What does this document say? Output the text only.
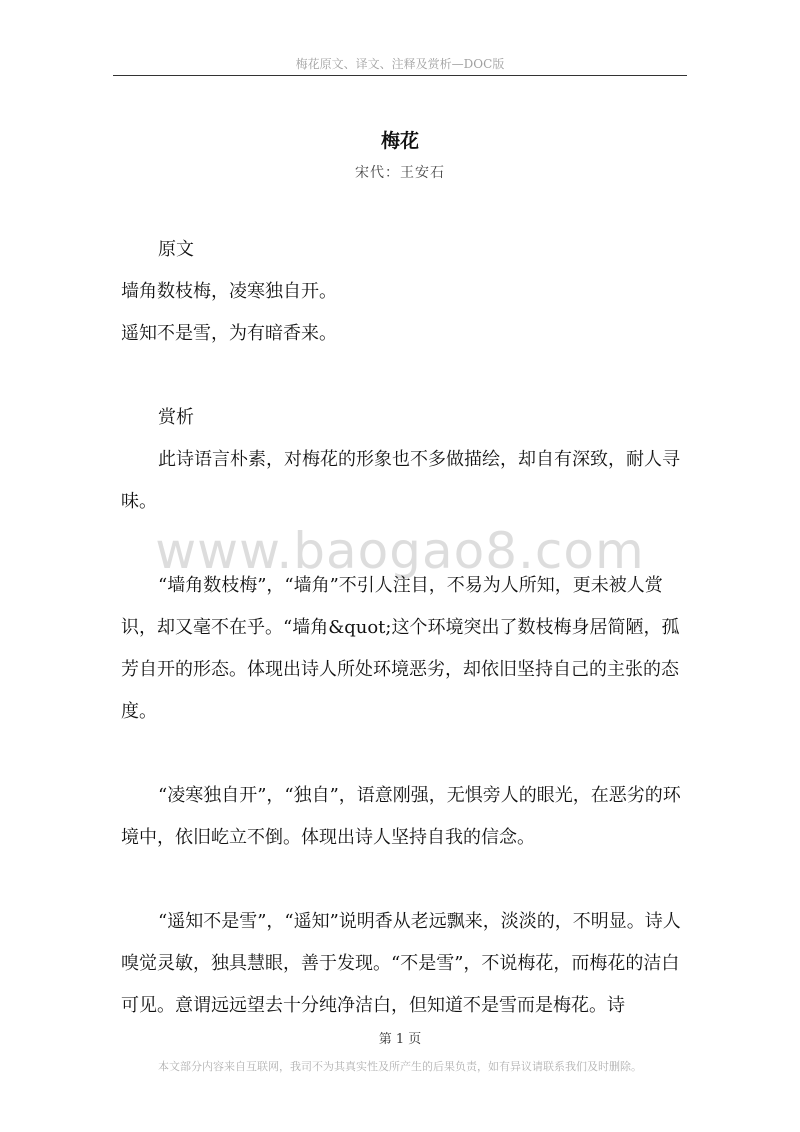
梅花原文、译文、注释及赏析—DOC版
梅花
宋代：王安石

原文

墙角数枝梅，凌寒独自开。

遥知不是雪，为有暗香来。

赏析

此诗语言朴素，对梅花的形象也不多做描绘，却自有深致，耐人寻味。

www.baogao8.com

“墙角数枝梅”，“墙角”不引人注目，不易为人所知，更未被人赏识，却又毫不在乎。“墙角&quot;这个环境突出了数枝梅身居简陋，孤芳自开的形态。体现出诗人所处环境恶劣，却依旧坚持自己的主张的态度。

“凌寒独自开”，“独自”，语意刚强，无惧旁人的眼光，在恶劣的环境中，依旧屹立不倒。体现出诗人坚持自我的信念。

“遥知不是雪”，“遥知”说明香从老远飘来，淡淡的，不明显。诗人嗅觉灵敏，独具慧眼，善于发现。“不是雪”，不说梅花，而梅花的洁白可见。意谓远远望去十分纯净洁白，但知道不是雪而是梅花。诗

第 1 页
本文部分内容来自互联网，我司不为其真实性及所产生的后果负责，如有异议请联系我们及时删除。
